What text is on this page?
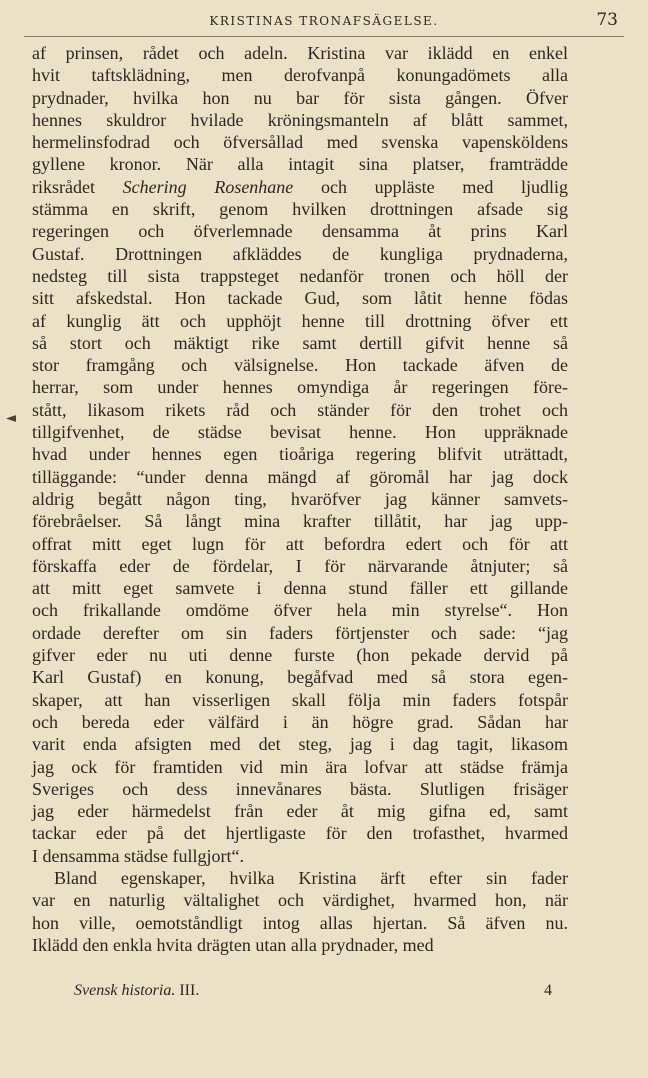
KRISTINAS TRONAFSÄGELSE.	73
af prinsen, rådet och adeln. Kristina var iklädd en enkel
hvit taftsklädning, men derofvanpå konungadömets alla
prydnader, hvilka hon nu bar för sista gången. Öfver
hennes skuldror hvilade kröningsmanteln af blått sammet,
hermelinsfodrad och öfversållad med svenska vapensköldens
gyllene kronor. När alla intagit sina platser, framträdde
riksrådet Schering Rosenhane och uppläste med ljudlig
stämma en skrift, genom hvilken drottningen afsade sig
regeringen och öfverlemnade densamma åt prins Karl
Gustaf. Drottningen afkläddes de kungliga prydnaderna,
nedsteg till sista trappsteget nedanför tronen och höll der
sitt afskedstal. Hon tackade Gud, som låtit henne födas
af kunglig ätt och upphöjt henne till drottning öfver ett
så stort och mäktigt rike samt dertill gifvit henne så
stor framgång och välsignelse. Hon tackade äfven de
herrar, som under hennes omyndiga år regeringen före-
stått, likasom rikets råd och ständer för den trohet och
tillgifvenhet, de städse bevisat henne. Hon uppräknade
hvad under hennes egen tioåriga regering blifvit uträttadt,
tilläggande: “under denna mängd af göromål har jag dock
aldrig begått någon ting, hvaröfver jag känner samvets-
förebråelser. Så långt mina krafter tillåtit, har jag upp-
offrat mitt eget lugn för att befordra edert och för att
förskaffa eder de fördelar, I för närvarande åtnjuter; så
att mitt eget samvete i denna stund fäller ett gillande
och frikallande omdöme öfver hela min styrelse“. Hon
ordade derefter om sin faders förtjenster och sade: “jag
gifver eder nu uti denne furste (hon pekade dervid på
Karl Gustaf) en konung, begåfvad med så stora egen-
skaper, att han visserligen skall följa min faders fotspår
och bereda eder välfärd i än högre grad. Sådan har
varit enda afsigten med det steg, jag i dag tagit, likasom
jag ock för framtiden vid min ära lofvar att städse främja
Sveriges och dess innevånares bästa. Slutligen frisäger
jag eder härmedelst från eder åt mig gifna ed, samt
tackar eder på det hjertligaste för den trofasthet, hvarmed
I densamma städse fullgjort“.
Bland egenskaper, hvilka Kristina ärft efter sin fader
var en naturlig vältalighet och värdighet, hvarmed hon, när
hon ville, oemotståndligt intog allas hjertan. Så äfven nu.
Iklädd den enkla hvita drägten utan alla prydnader, med
Svensk historia. III.	4
